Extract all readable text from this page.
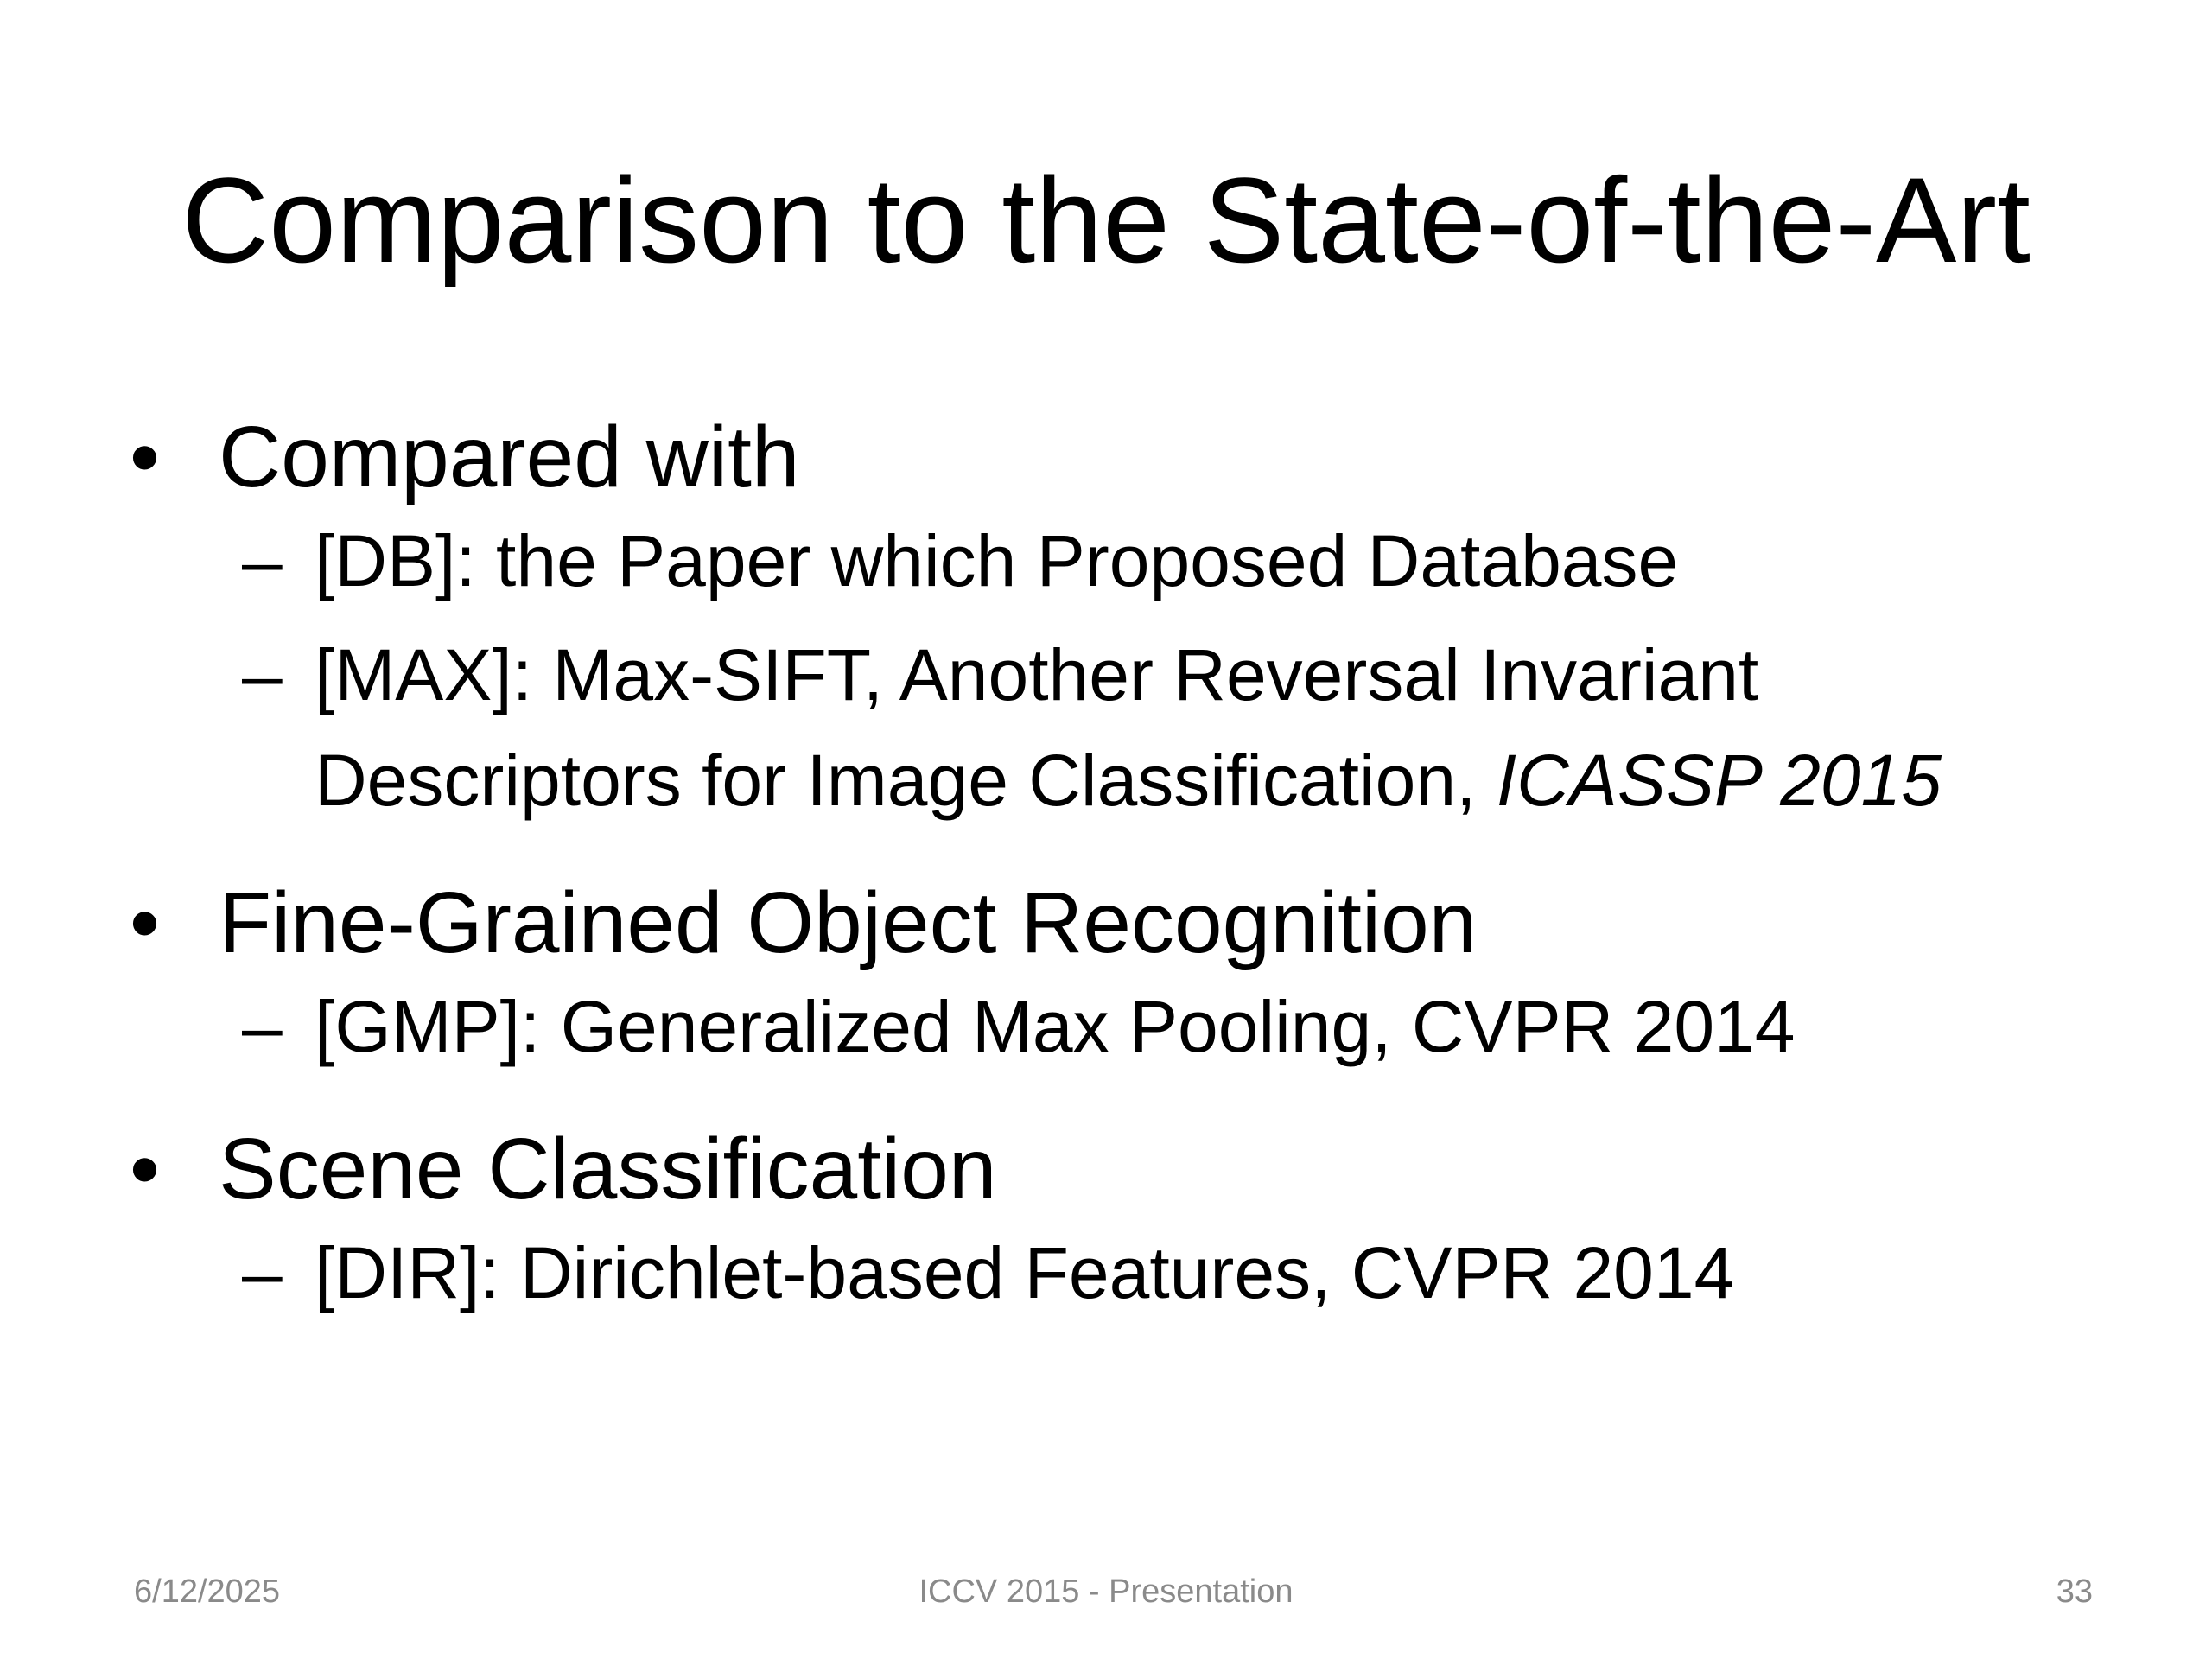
Comparison to the State-of-the-Art
• Compared with
– [DB]: the Paper which Proposed Database
– [MAX]: Max-SIFT, Another Reversal Invariant
Descriptors for Image Classification, ICASSP 2015
• Fine-Grained Object Recognition
– [GMP]: Generalized Max Pooling, CVPR 2014
• Scene Classification
– [DIR]: Dirichlet-based Features, CVPR 2014
6/12/2025	ICCV 2015 - Presentation	33
